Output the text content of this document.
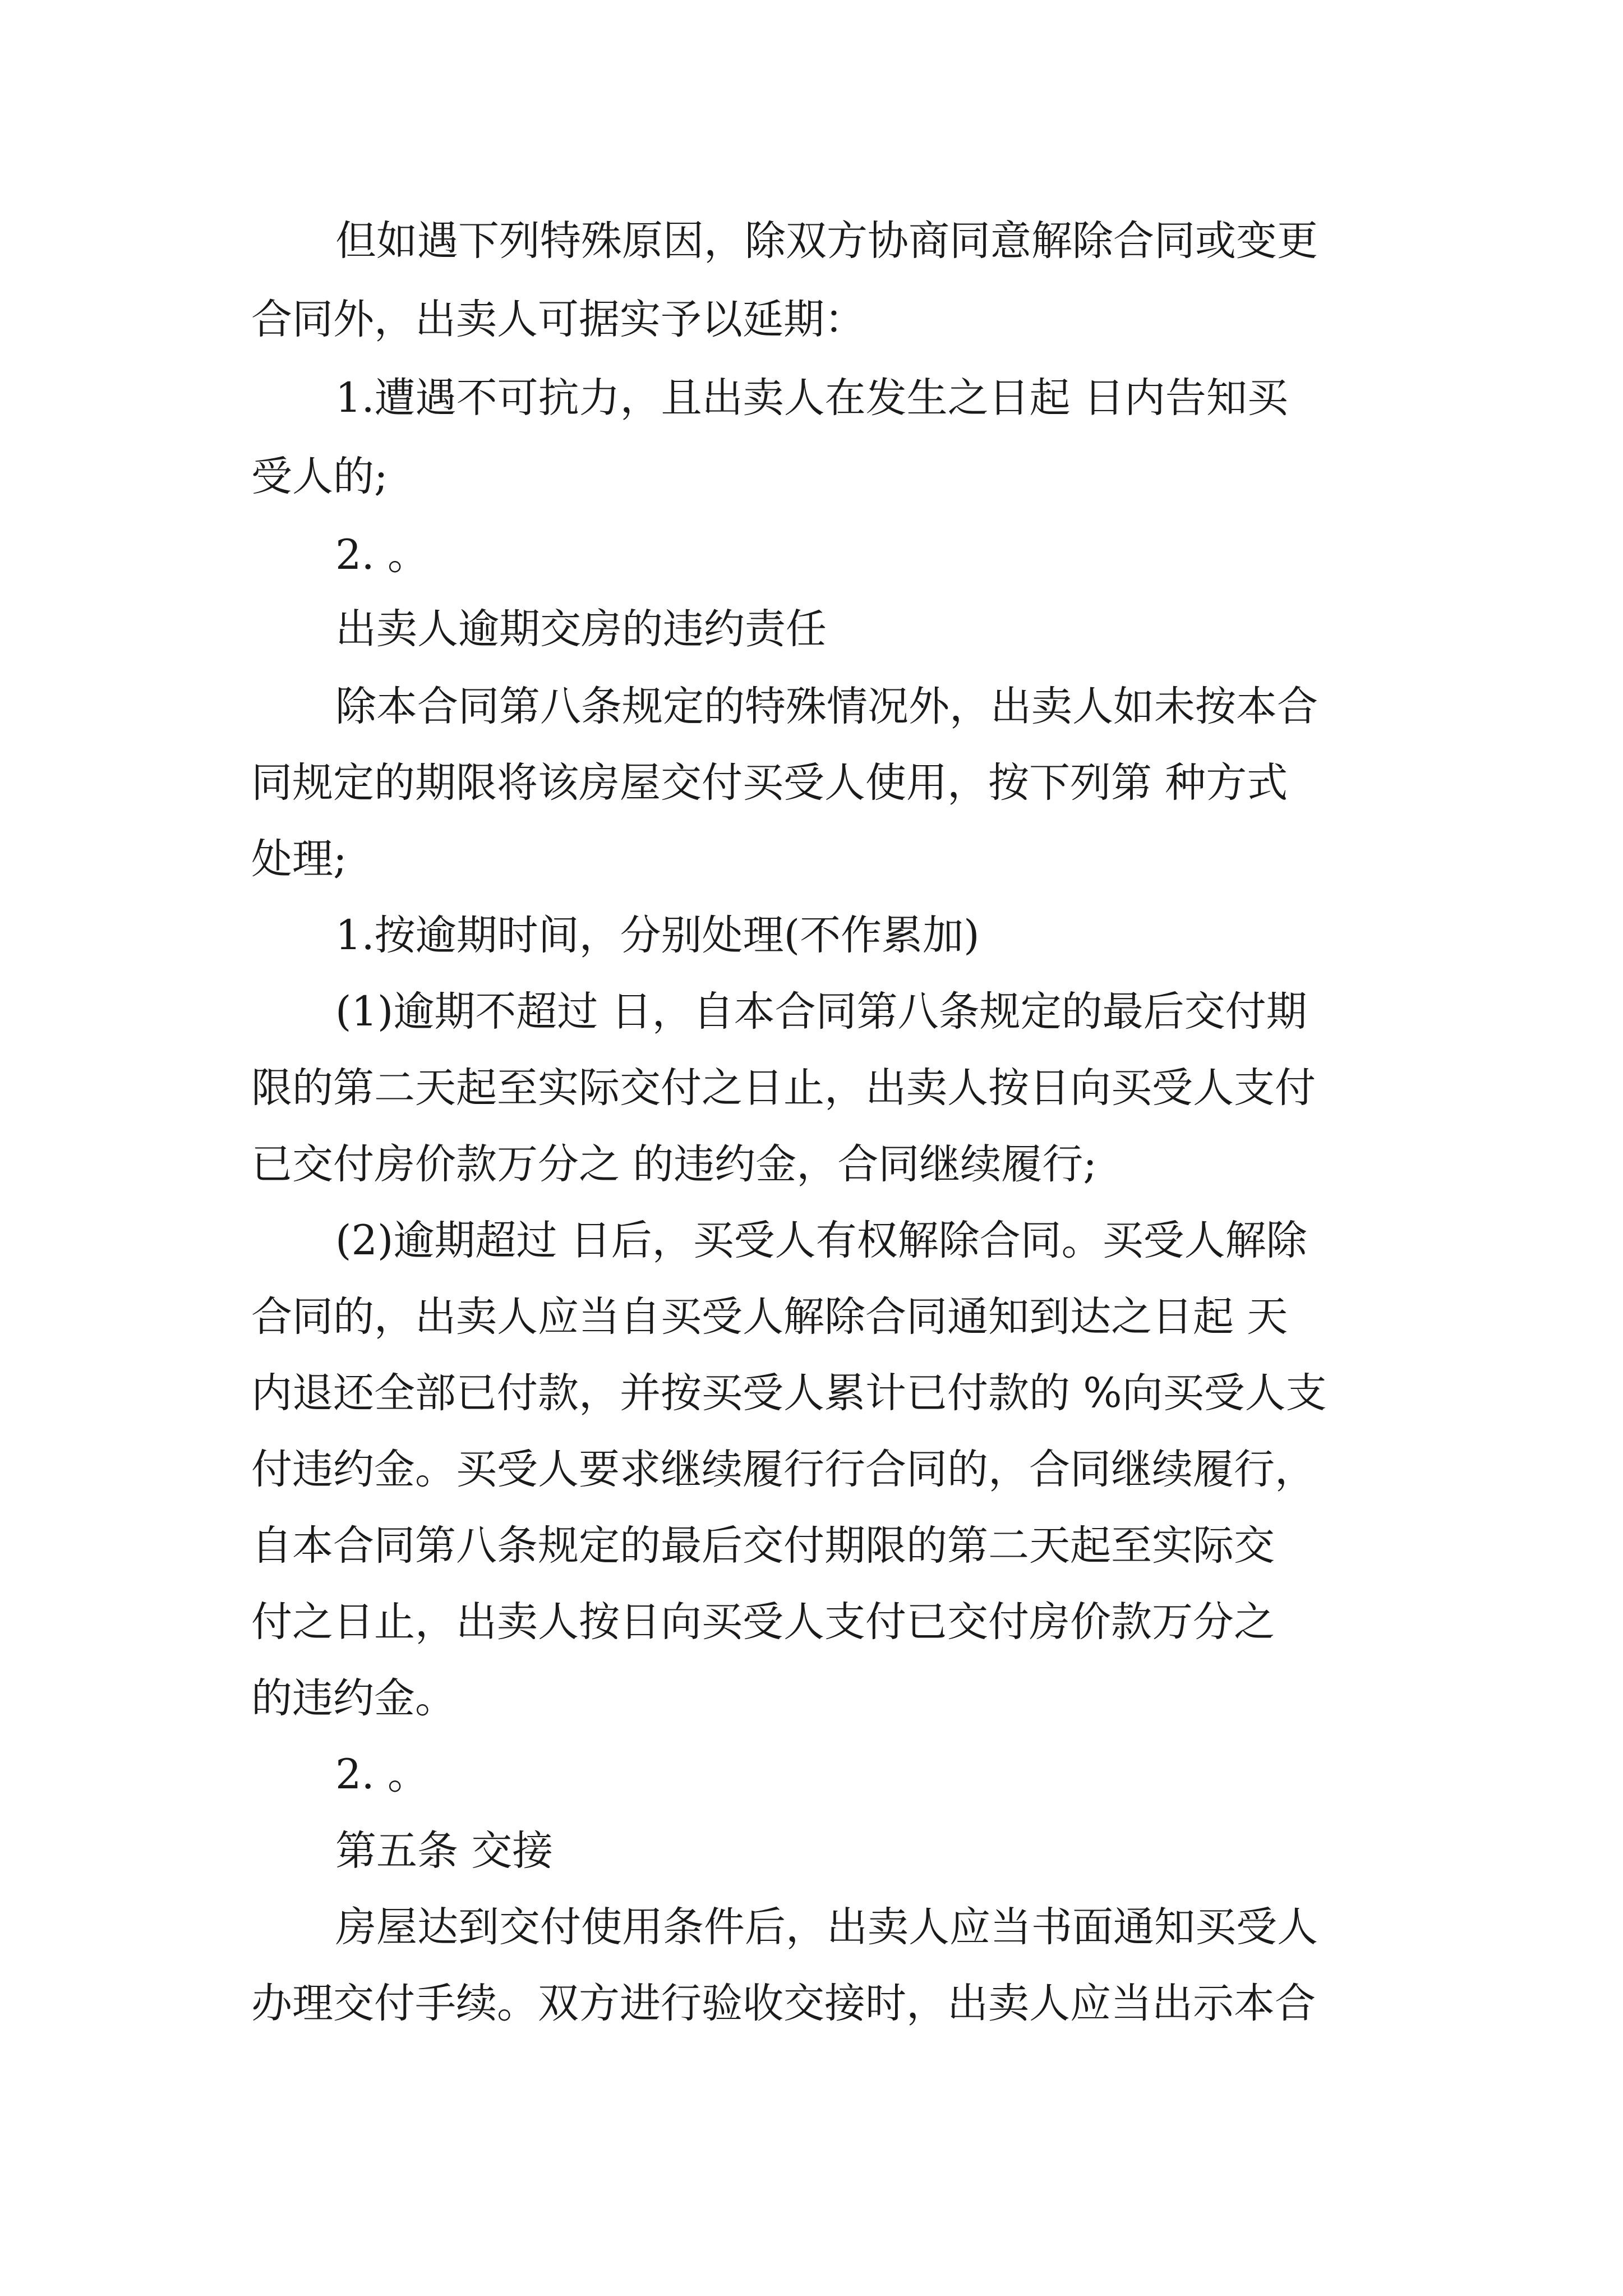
但如遇下列特殊原因，除双方协商同意解除合同或变更

合同外，出卖人可据实予以延期：

1.遭遇不可抗力，且出卖人在发生之日起 日内告知买

受人的;

2. 。

出卖人逾期交房的违约责任

除本合同第八条规定的特殊情况外，出卖人如未按本合

同规定的期限将该房屋交付买受人使用，按下列第 种方式

处理;

1.按逾期时间，分别处理(不作累加)

(1)逾期不超过 日，自本合同第八条规定的最后交付期

限的第二天起至实际交付之日止，出卖人按日向买受人支付

已交付房价款万分之 的违约金，合同继续履行;

(2)逾期超过 日后，买受人有权解除合同。买受人解除

合同的，出卖人应当自买受人解除合同通知到达之日起 天

内退还全部已付款，并按买受人累计已付款的 %向买受人支

付违约金。买受人要求继续履行行合同的，合同继续履行，

自本合同第八条规定的最后交付期限的第二天起至实际交

付之日止，出卖人按日向买受人支付已交付房价款万分之

的违约金。

2. 。

第五条 交接

房屋达到交付使用条件后，出卖人应当书面通知买受人

办理交付手续。双方进行验收交接时，出卖人应当出示本合
